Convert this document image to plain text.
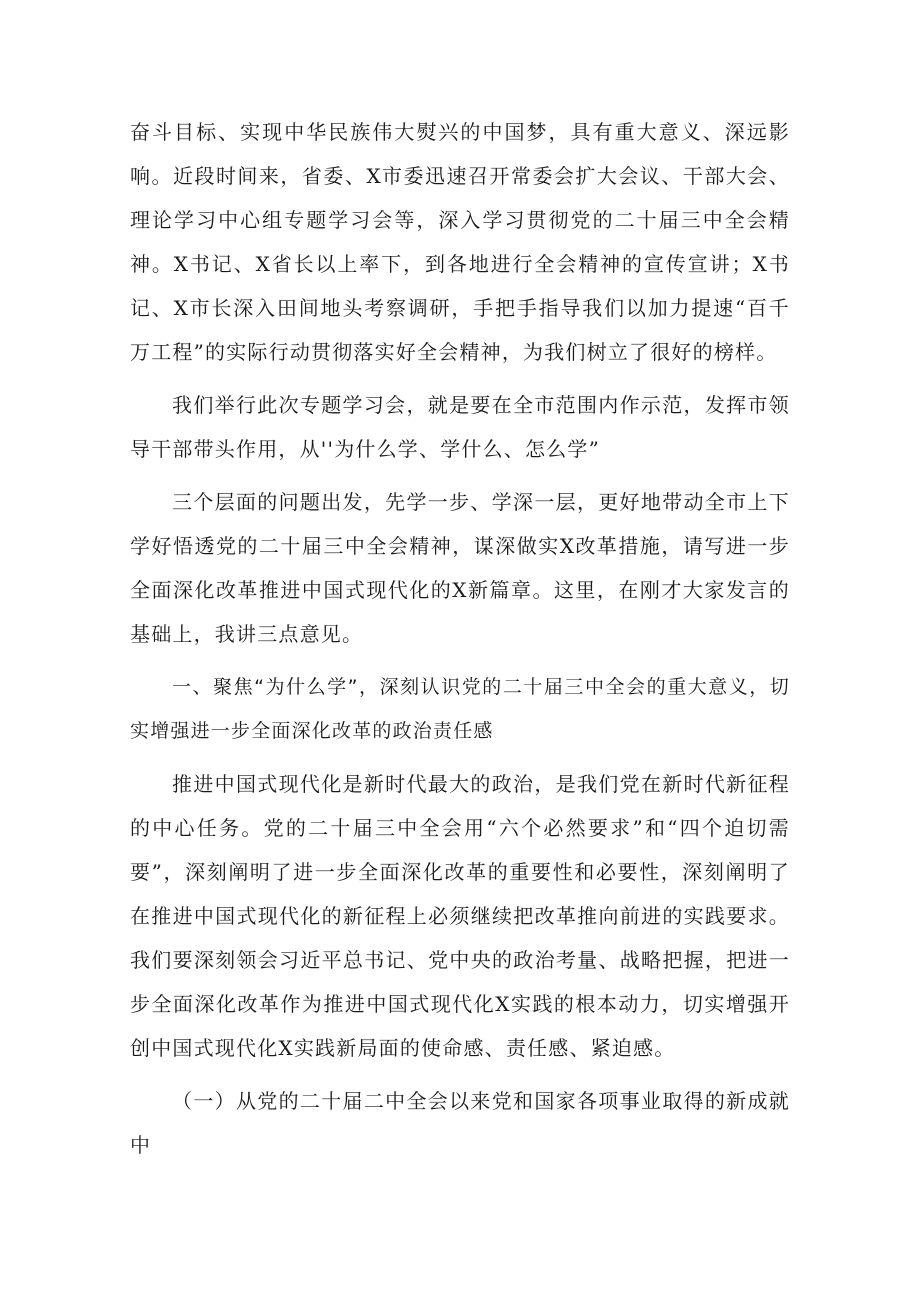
奋斗目标、实现中华民族伟大熨兴的中国梦，具有重大意义、深远影响。近段时间来，省委、X市委迅速召开常委会扩大会议、干部大会、理论学习中心组专题学习会等，深入学习贯彻党的二十届三中全会精神。X书记、X省长以上率下，到各地进行全会精神的宣传宣讲；X书记、X市长深入田间地头考察调研，手把手指导我们以加力提速“百千万工程”的实际行动贯彻落实好全会精神，为我们树立了很好的榜样。

我们举行此次专题学习会，就是要在全市范围内作示范，发挥市领导干部带头作用，从''为什么学、学什么、怎么学”

三个层面的问题出发，先学一步、学深一层，更好地带动全市上下学好悟透党的二十届三中全会精神，谋深做实X改革措施，请写进一步全面深化改革推进中国式现代化的X新篇章。这里，在刚才大家发言的基础上，我讲三点意见。

一、聚焦“为什么学”，深刻认识党的二十届三中全会的重大意义，切实增强进一步全面深化改革的政治责任感

推进中国式现代化是新时代最大的政治，是我们党在新时代新征程的中心任务。党的二十届三中全会用“六个必然要求”和“四个迫切需要”，深刻阐明了进一步全面深化改革的重要性和必要性，深刻阐明了在推进中国式现代化的新征程上必须继续把改革推向前进的实践要求。我们要深刻领会习近平总书记、党中央的政治考量、战略把握，把进一步全面深化改革作为推进中国式现代化X实践的根本动力，切实增强开创中国式现代化X实践新局面的使命感、责任感、紧迫感。

（一）从党的二十届二中全会以来党和国家各项事业取得的新成就中
